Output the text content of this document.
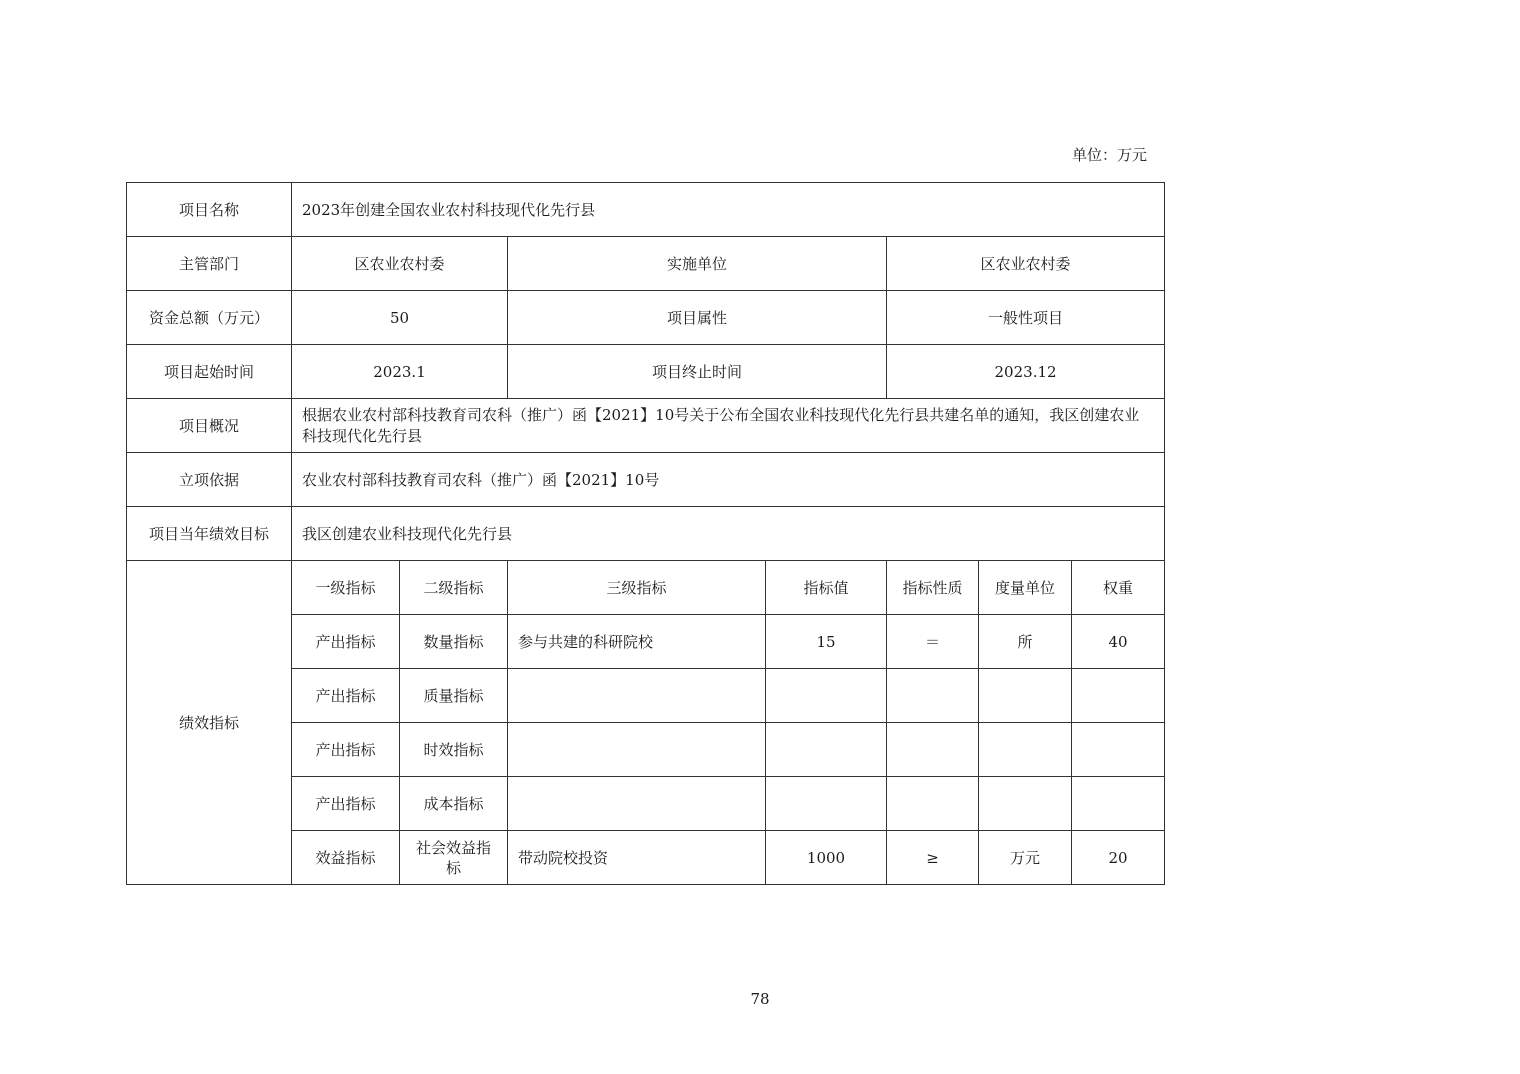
单位：万元
项目名称	2023年创建全国农业农村科技现代化先行县						
主管部门	区农业农村委		实施单位		区农业农村委		
资金总额（万元）	50		项目属性		一般性项目		
项目起始时间	2023.1		项目终止时间		2023.12		
项目概况	根据农业农村部科技教育司农科（推广）函【2021】10号关于公布全国农业科技现代化先行县共建名单的通知，我区创建农业科技现代化先行县						
立项依据	农业农村部科技教育司农科（推广）函【2021】10号						
项目当年绩效目标	我区创建农业科技现代化先行县						
绩效指标	一级指标	二级指标	三级指标	指标值	指标性质	度量单位	权重
	产出指标	数量指标	参与共建的科研院校	15	＝	所	40
	产出指标	质量指标					
	产出指标	时效指标					
	产出指标	成本指标					
	效益指标	社会效益指标	带动院校投资	1000	≥	万元	20
78
